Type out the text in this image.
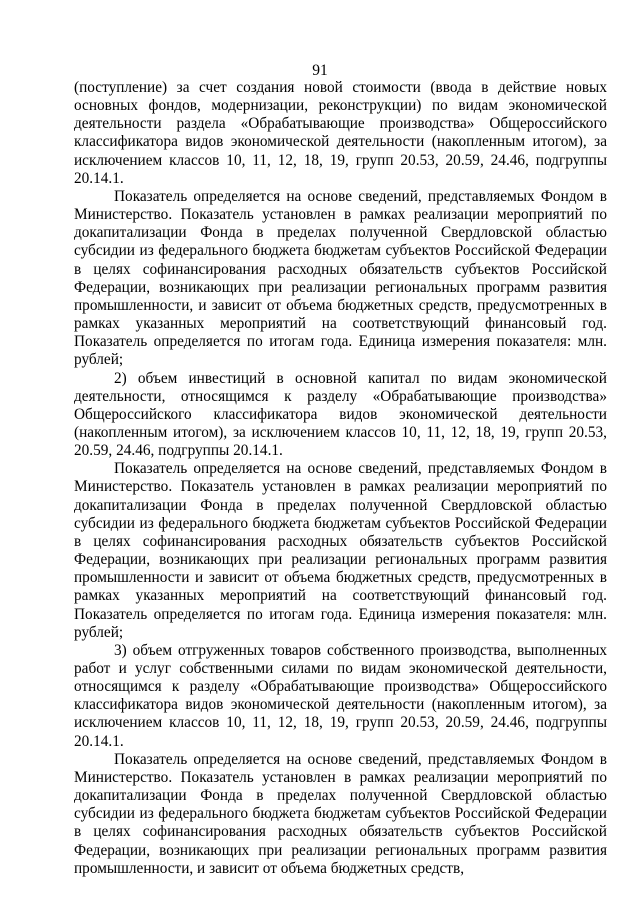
91

(поступление) за счет создания новой стоимости (ввода в действие новых основных фондов, модернизации, реконструкции) по видам экономической деятельности раздела «Обрабатывающие производства» Общероссийского классификатора видов экономической деятельности (накопленным итогом), за исключением классов 10, 11, 12, 18, 19, групп 20.53, 20.59, 24.46, подгруппы 20.14.1.

Показатель определяется на основе сведений, представляемых Фондом в Министерство. Показатель установлен в рамках реализации мероприятий по докапитализации Фонда в пределах полученной Свердловской областью субсидии из федерального бюджета бюджетам субъектов Российской Федерации в целях софинансирования расходных обязательств субъектов Российской Федерации, возникающих при реализации региональных программ развития промышленности, и зависит от объема бюджетных средств, предусмотренных в рамках указанных мероприятий на соответствующий финансовый год. Показатель определяется по итогам года. Единица измерения показателя: млн. рублей;

2) объем инвестиций в основной капитал по видам экономической деятельности, относящимся к разделу «Обрабатывающие производства» Общероссийского классификатора видов экономической деятельности (накопленным итогом), за исключением классов 10, 11, 12, 18, 19, групп 20.53, 20.59, 24.46, подгруппы 20.14.1.

Показатель определяется на основе сведений, представляемых Фондом в Министерство. Показатель установлен в рамках реализации мероприятий по докапитализации Фонда в пределах полученной Свердловской областью субсидии из федерального бюджета бюджетам субъектов Российской Федерации в целях софинансирования расходных обязательств субъектов Российской Федерации, возникающих при реализации региональных программ развития промышленности и зависит от объема бюджетных средств, предусмотренных в рамках указанных мероприятий на соответствующий финансовый год. Показатель определяется по итогам года. Единица измерения показателя: млн. рублей;

3) объем отгруженных товаров собственного производства, выполненных работ и услуг собственными силами по видам экономической деятельности, относящимся к разделу «Обрабатывающие производства» Общероссийского классификатора видов экономической деятельности (накопленным итогом), за исключением классов 10, 11, 12, 18, 19, групп 20.53, 20.59, 24.46, подгруппы 20.14.1.

Показатель определяется на основе сведений, представляемых Фондом в Министерство. Показатель установлен в рамках реализации мероприятий по докапитализации Фонда в пределах полученной Свердловской областью субсидии из федерального бюджета бюджетам субъектов Российской Федерации в целях софинансирования расходных обязательств субъектов Российской Федерации, возникающих при реализации региональных программ развития промышленности, и зависит от объема бюджетных средств,
